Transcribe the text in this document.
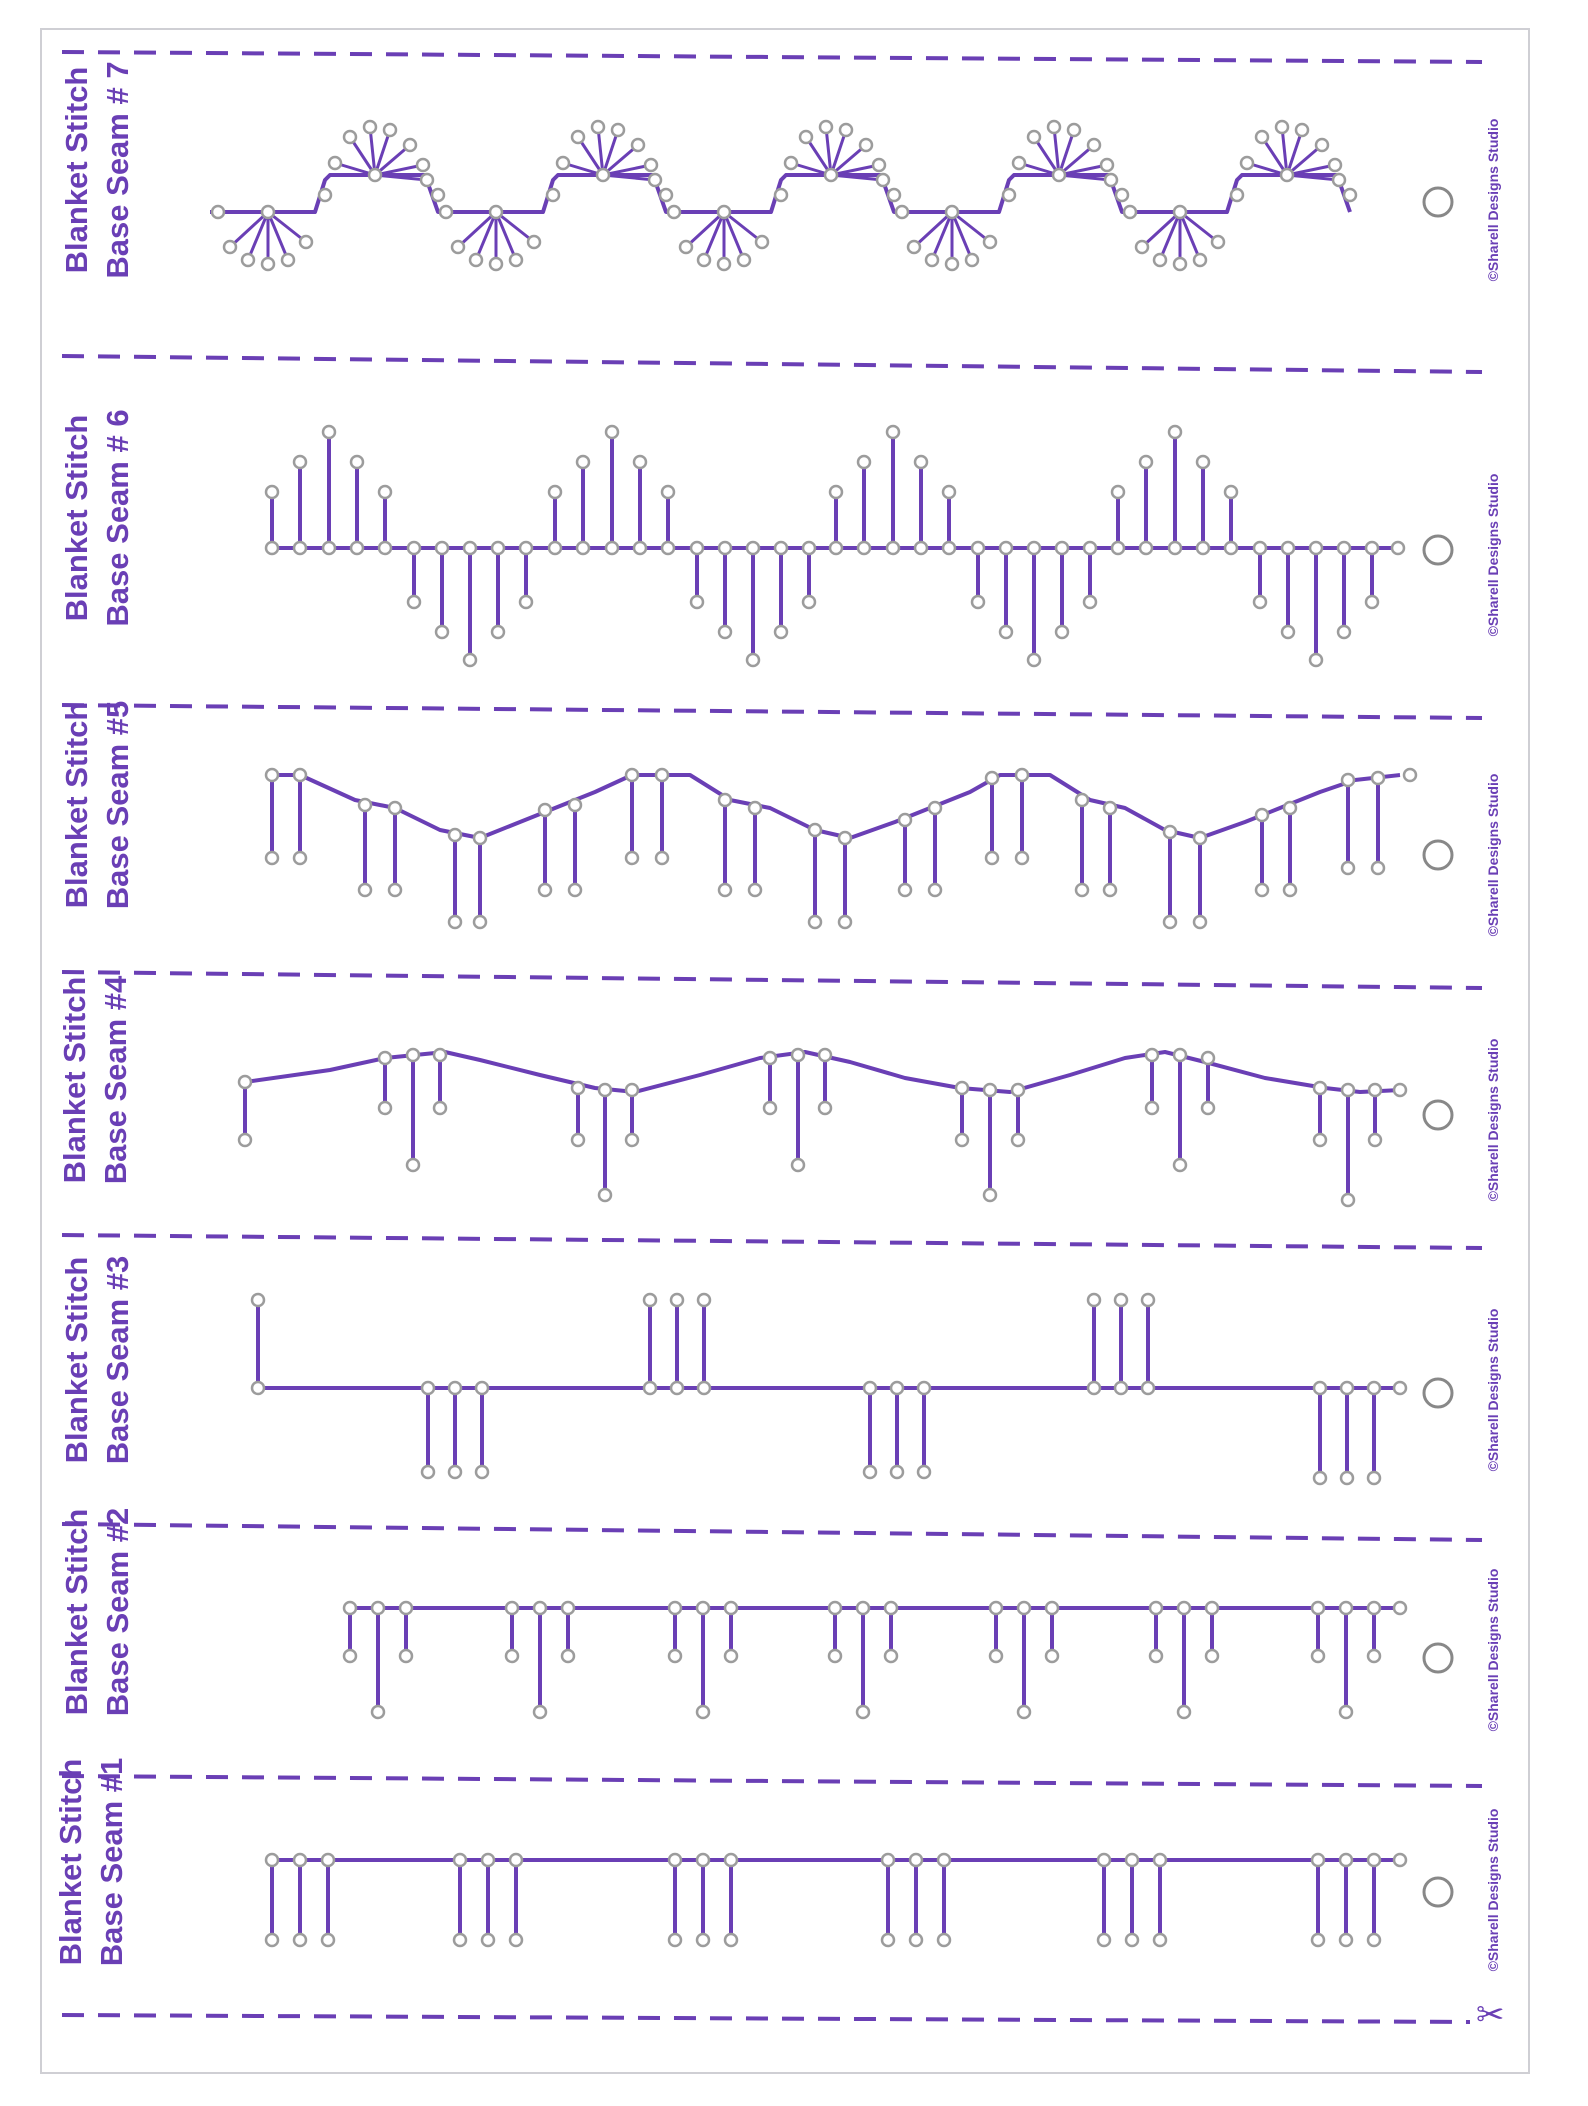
Blanket Stitch Base Seam # 7
Blanket Stitch Base Seam # 6
Blanket Stitch Base Seam #5
Blanket Stitch Base Seam #4
Blanket Stitch Base Seam #3
Blanket Stitch Base Seam #2
Blanket Stitch Base Seam #1
©Sharell Designs Studio
©Sharell Designs Studio
©Sharell Designs Studio
©Sharell Designs Studio
©Sharell Designs Studio
©Sharell Designs Studio
©Sharell Designs Studio
✂
